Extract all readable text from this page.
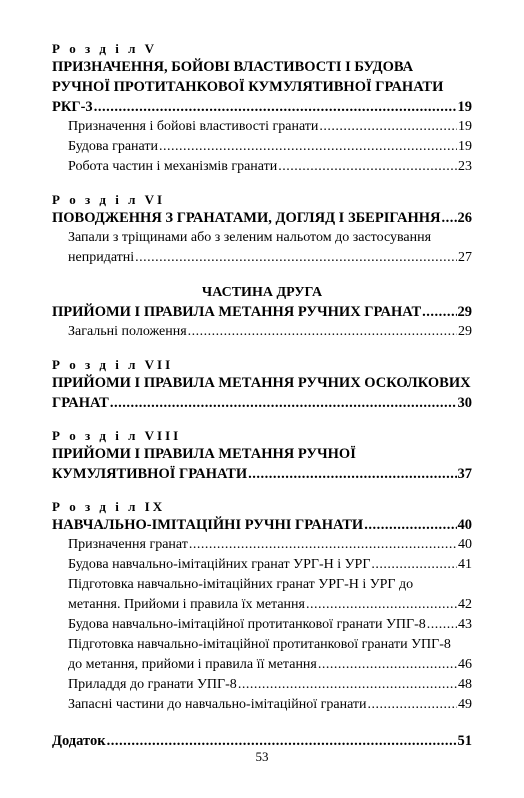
Р о з д і л V
ПРИЗНАЧЕННЯ, БОЙОВІ ВЛАСТИВОСТІ І БУДОВА
РУЧНОЇ ПРОТИТАНКОВОЇ КУМУЛЯТИВНОЇ ГРАНАТИ
РКГ-3 .....	19
Призначення і бойові властивості гранати .....	19
Будова гранати .....	19
Робота частин і механізмів гранати .....	23
Р о з д і л VI
ПОВОДЖЕННЯ З ГРАНАТАМИ, ДОГЛЯД І ЗБЕРІГАННЯ ..... 26
Запали з тріщинами або з зеленим нальотом до застосування
непридатні .....	27
ЧАСТИНА ДРУГА
ПРИЙОМИ І ПРАВИЛА МЕТАННЯ РУЧНИХ ГРАНАТ .....	29
Загальні положення .....	29
Р о з д і л VII
ПРИЙОМИ І ПРАВИЛА МЕТАННЯ РУЧНИХ ОСКОЛКОВИХ
ГРАНАТ .....	30
Р о з д і л VIII
ПРИЙОМИ І ПРАВИЛА МЕТАННЯ РУЧНОЇ
КУМУЛЯТИВНОЇ ГРАНАТИ .....	37
Р о з д і л IX
НАВЧАЛЬНО-ІМІТАЦІЙНІ РУЧНІ ГРАНАТИ .....	40
Призначення гранат .....	40
Будова навчально-імітаційних гранат УРГ-Н і УРГ .....	41
Підготовка навчально-імітаційних гранат УРГ-Н і УРГ до
метання. Прийоми і правила їх метання .....	42
Будова навчально-імітаційної протитанкової гранати УПГ-8 ..... 43
Підготовка навчально-імітаційної протитанкової гранати УПГ-8
до метання, прийоми і правила її метання .....	46
Приладдя до гранати УПГ-8 .....	48
Запасні частини до навчально-імітаційної гранати .....	49
Додаток .....	51
53
